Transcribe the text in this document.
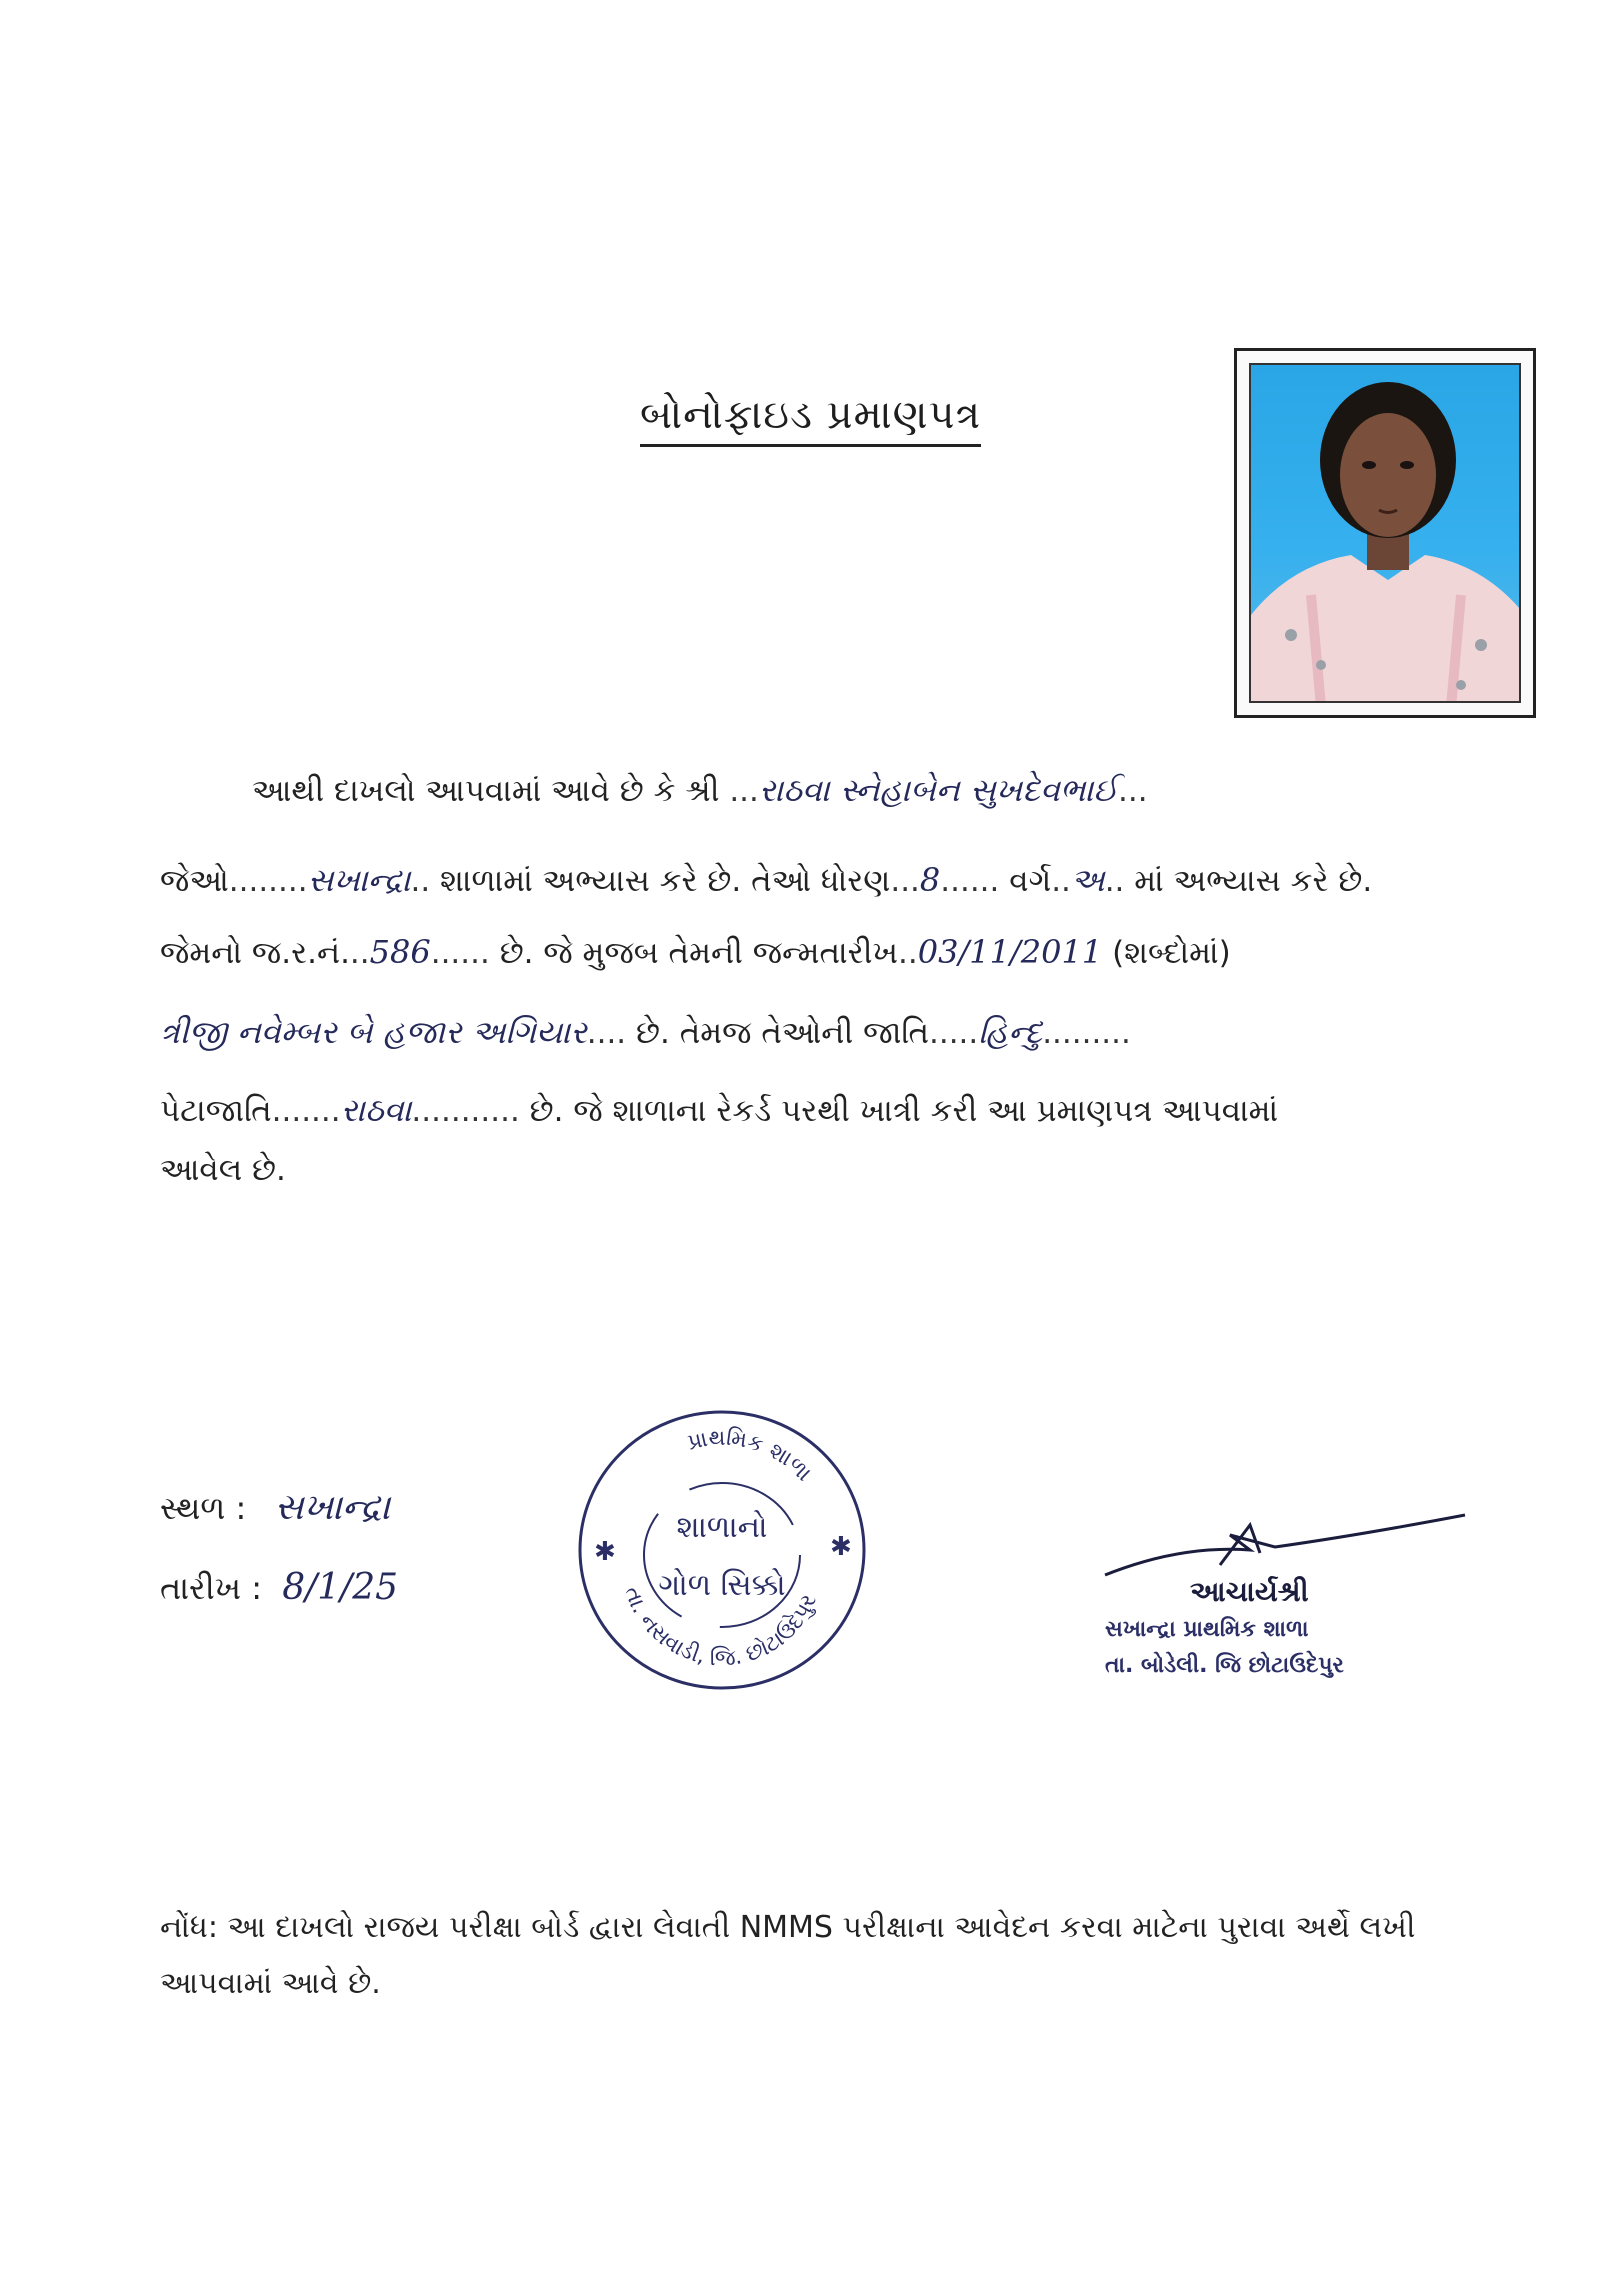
બોનોફાઇડ પ્રમાણપત્ર
આથી દાખલો આપવામાં આવે છે કે શ્રી ...રાઠવા સ્નેહાબેન સુખદેવભાઈ...
જેઓ........સખાન્દ્રા.. શાળામાં અભ્યાસ કરે છે. તેઓ ધોરણ...8...... વર્ગ..અ.. માં અભ્યાસ કરે છે.
જેમનો જ.ર.નં...586...... છે. જે મુજબ તેમની જન્મતારીખ..03/11/2011 (શબ્દોમાં)
ત્રીજી નવેમ્બર બે હજાર અગિયાર.... છે. તેમજ તેઓની જાતિ.....હિન્દુ.........
પેટાજાતિ.......રાઠવા........... છે. જે શાળાના રેકર્ડ પરથી ખાત્રી કરી આ પ્રમાણપત્ર આપવામાં
આવેલ છે.
સ્થળ : સખાન્દ્રા
તારીખ : 8/1/25
પ્રાથમિક શાળા
તા. નસવાડી, જિ. છોટાઉદેપુર
શાળાનો
ગોળ સિક્કો
✱	✱
આચાર્યશ્રી
સખાન્દ્રા પ્રાથમિક શાળા
તા. બોડેલી. જિ છોટાઉદેપુર
નોંધ: આ દાખલો રાજય પરીક્ષા બોર્ડ દ્વારા લેવાતી NMMS પરીક્ષાના આવેદન કરવા માટેના પુરાવા અર્થે લખી આપવામાં આવે છે.
